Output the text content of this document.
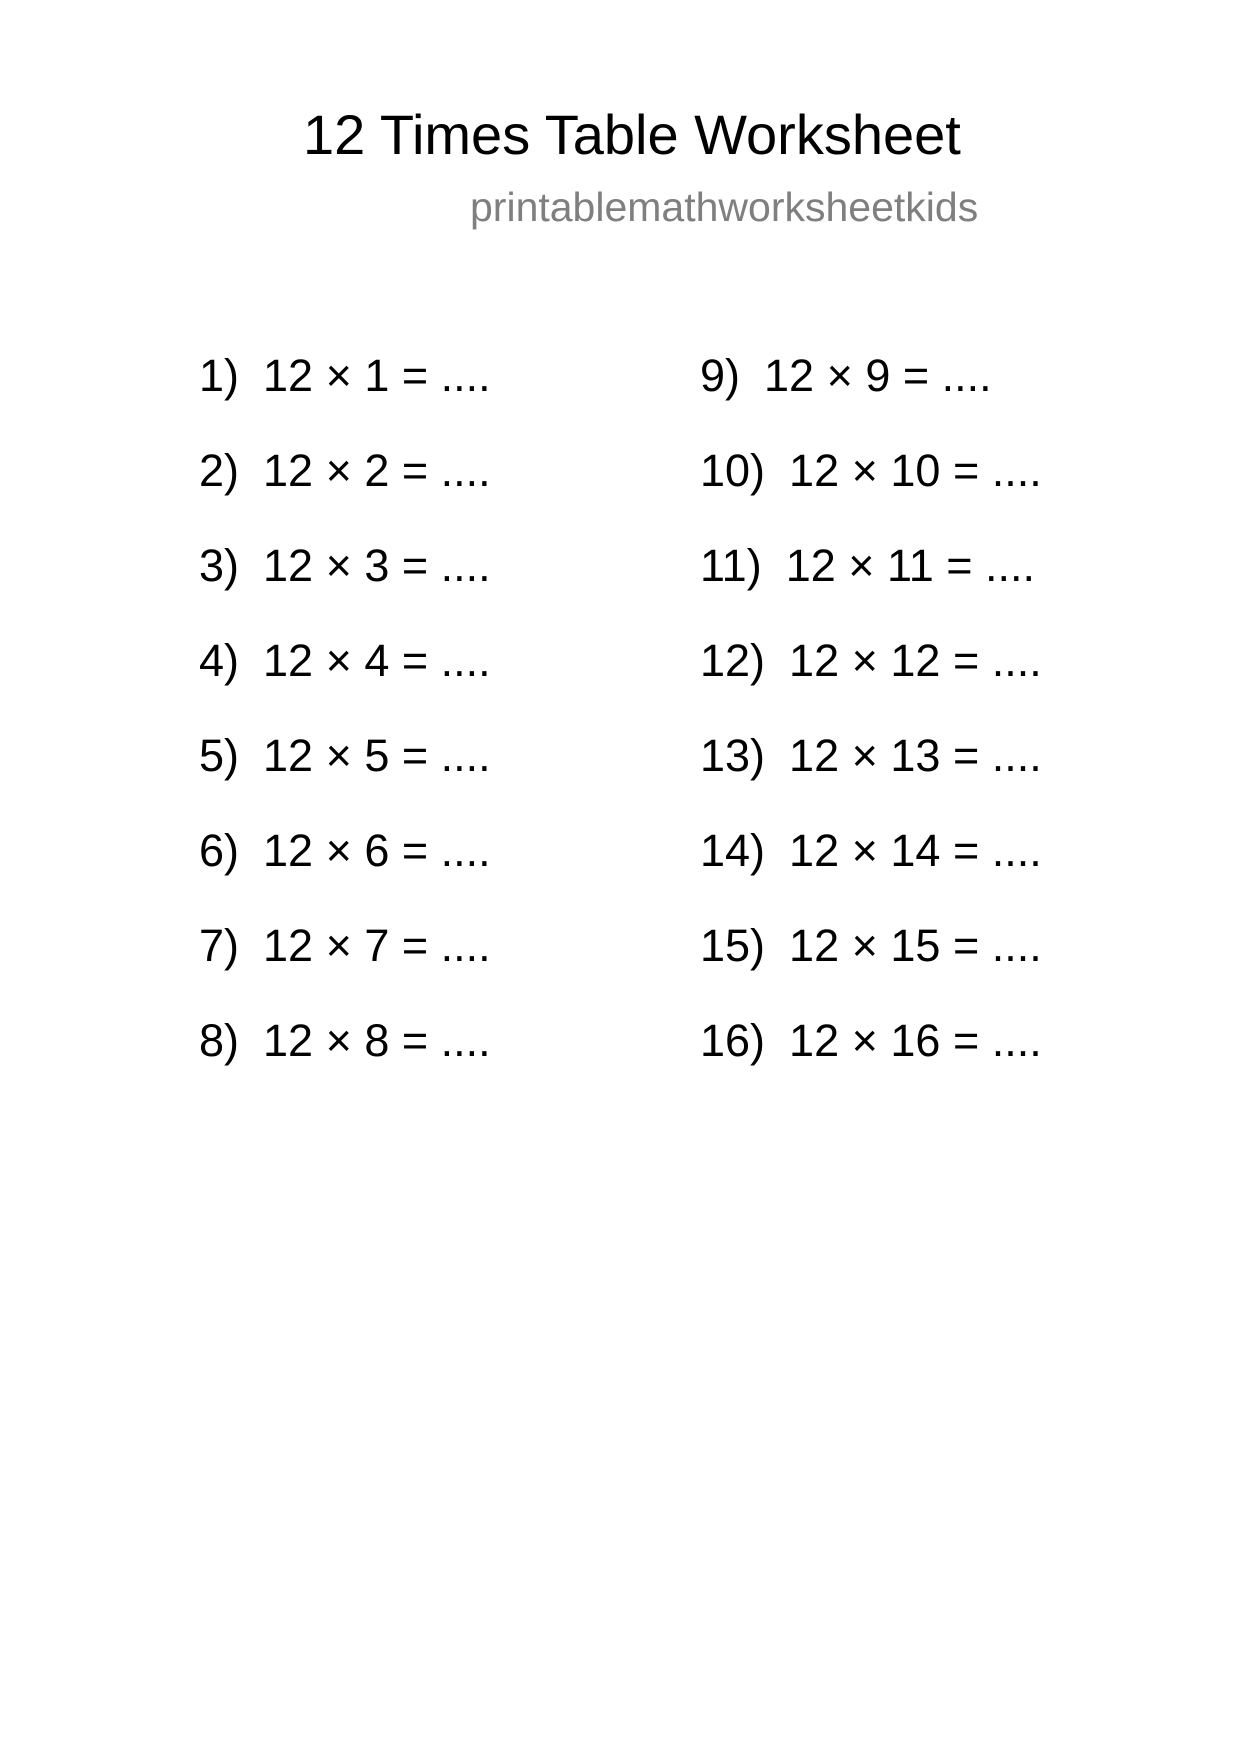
12 Times Table Worksheet
printablemathworksheetkids
1) 12 × 1 = ....
2) 12 × 2 = ....
3) 12 × 3 = ....
4) 12 × 4 = ....
5) 12 × 5 = ....
6) 12 × 6 = ....
7) 12 × 7 = ....
8) 12 × 8 = ....
9) 12 × 9 = ....
10) 12 × 10 = ....
11) 12 × 11 = ....
12) 12 × 12 = ....
13) 12 × 13 = ....
14) 12 × 14 = ....
15) 12 × 15 = ....
16) 12 × 16 = ....
